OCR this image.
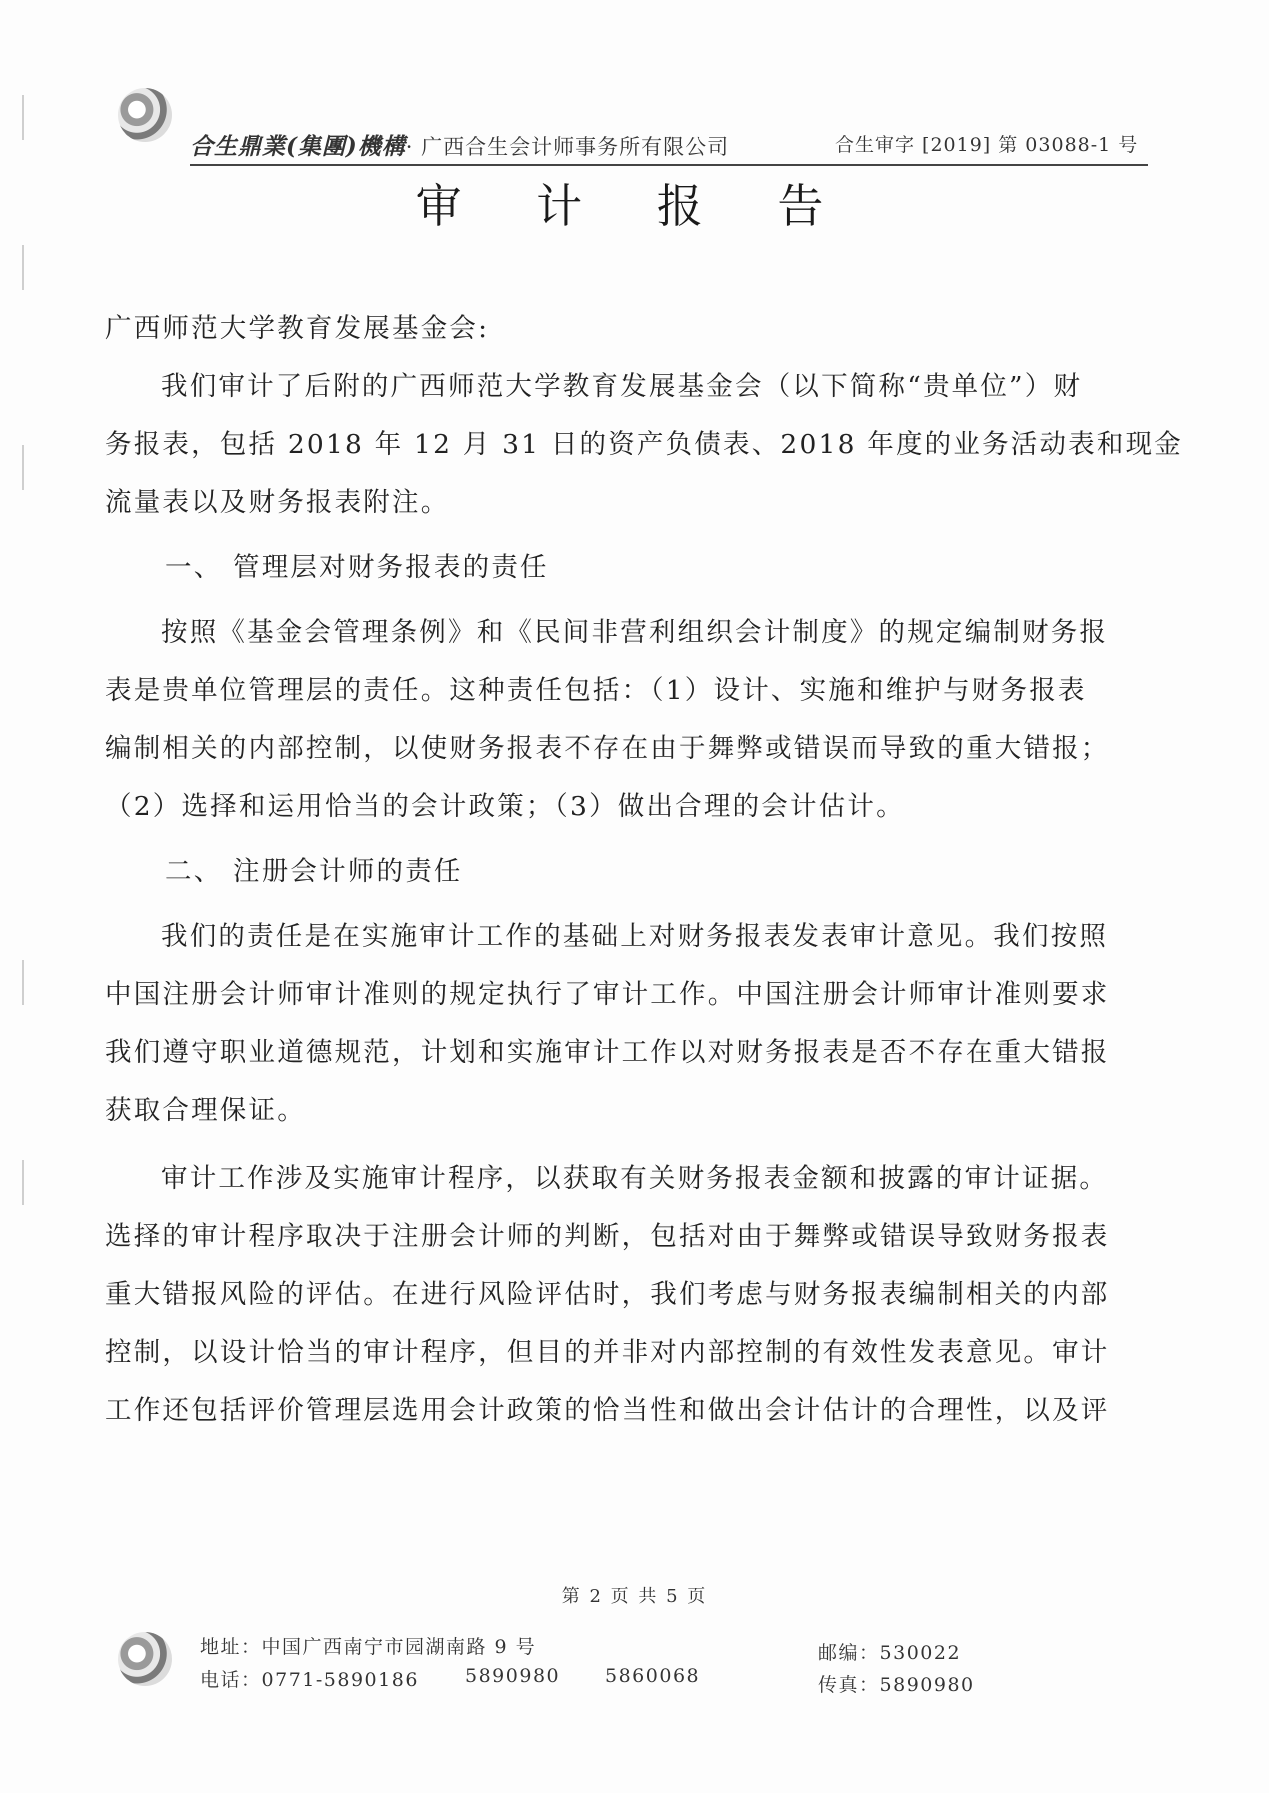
合生鼎業(集團)機構· 广西合生会计师事务所有限公司	合生审字 [2019] 第 03088-1 号
审 计 报 告
广西师范大学教育发展基金会:
我们审计了后附的广西师范大学教育发展基金会（以下简称“贵单位”）财
务报表，包括 2018 年 12 月 31 日的资产负债表、2018 年度的业务活动表和现金
流量表以及财务报表附注。
一、 管理层对财务报表的责任
按照《基金会管理条例》和《民间非营利组织会计制度》的规定编制财务报
表是贵单位管理层的责任。这种责任包括：（1）设计、实施和维护与财务报表
编制相关的内部控制，以使财务报表不存在由于舞弊或错误而导致的重大错报；
（2）选择和运用恰当的会计政策；（3）做出合理的会计估计。
二、 注册会计师的责任
我们的责任是在实施审计工作的基础上对财务报表发表审计意见。我们按照
中国注册会计师审计准则的规定执行了审计工作。中国注册会计师审计准则要求
我们遵守职业道德规范，计划和实施审计工作以对财务报表是否不存在重大错报
获取合理保证。
审计工作涉及实施审计程序，以获取有关财务报表金额和披露的审计证据。
选择的审计程序取决于注册会计师的判断，包括对由于舞弊或错误导致财务报表
重大错报风险的评估。在进行风险评估时，我们考虑与财务报表编制相关的内部
控制，以设计恰当的审计程序，但目的并非对内部控制的有效性发表意见。审计
工作还包括评价管理层选用会计政策的恰当性和做出会计估计的合理性，以及评
第 2 页 共 5 页
地址：中国广西南宁市园湖南路 9 号
电话：0771-5890186 5890980 5860068
邮编：530022
传真：5890980
